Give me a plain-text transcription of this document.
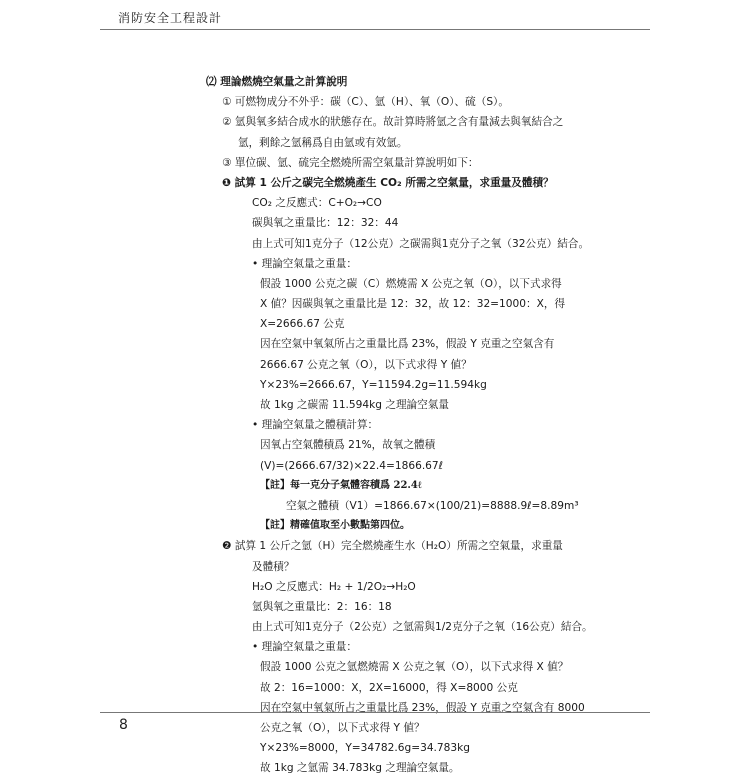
消防安全工程設計
⑵ 理論燃燒空氣量之計算說明
① 可燃物成分不外乎：碳（C）、氫（H）、氧（O）、硫（S）。
② 氫與氧多結合成水的狀態存在。故計算時將氫之含有量減去與氧結合之
氫，剩餘之氫稱爲自由氫或有效氫。
③ 單位碳、氫、硫完全燃燒所需空氣量計算說明如下：
❶ 試算 1 公斤之碳完全燃燒產生 CO₂ 所需之空氣量，求重量及體積？
CO₂ 之反應式：C+O₂→CO
碳與氧之重量比：12：32：44
由上式可知1克分子（12公克）之碳需與1克分子之氧（32公克）結合。
• 理論空氣量之重量：
假設 1000 公克之碳（C）燃燒需 X 公克之氧（O），以下式求得
X 値？因碳與氧之重量比是 12：32，故 12：32=1000：X，得
X=2666.67 公克
因在空氣中氧氣所占之重量比爲 23%，假設 Y 克重之空氣含有
2666.67 公克之氧（O），以下式求得 Y 値？
Y×23%=2666.67，Y=11594.2g=11.594kg
故 1kg 之碳需 11.594kg 之理論空氣量
• 理論空氣量之體積計算：
因氧占空氣體積爲 21%，故氧之體積
(V)=(2666.67/32)×22.4=1866.67ℓ
【註】每一克分子氣體容積爲 22.4ℓ
空氣之體積（V1）=1866.67×(100/21)=8888.9ℓ=8.89m³
【註】精確值取至小數點第四位。
❷ 試算 1 公斤之氫（H）完全燃燒產生水（H₂O）所需之空氣量，求重量
及體積？
H₂O 之反應式：H₂ + 1/2O₂→H₂O
氫與氧之重量比：2：16：18
由上式可知1克分子（2公克）之氫需與1/2克分子之氧（16公克）結合。
• 理論空氣量之重量：
假設 1000 公克之氫燃燒需 X 公克之氧（O），以下式求得 X 値？
故 2：16=1000：X，2X=16000，得 X=8000 公克
因在空氣中氧氣所占之重量比爲 23%，假設 Y 克重之空氣含有 8000
公克之氧（O），以下式求得 Y 値？
Y×23%=8000，Y=34782.6g=34.783kg
故 1kg 之氫需 34.783kg 之理論空氣量。
8
